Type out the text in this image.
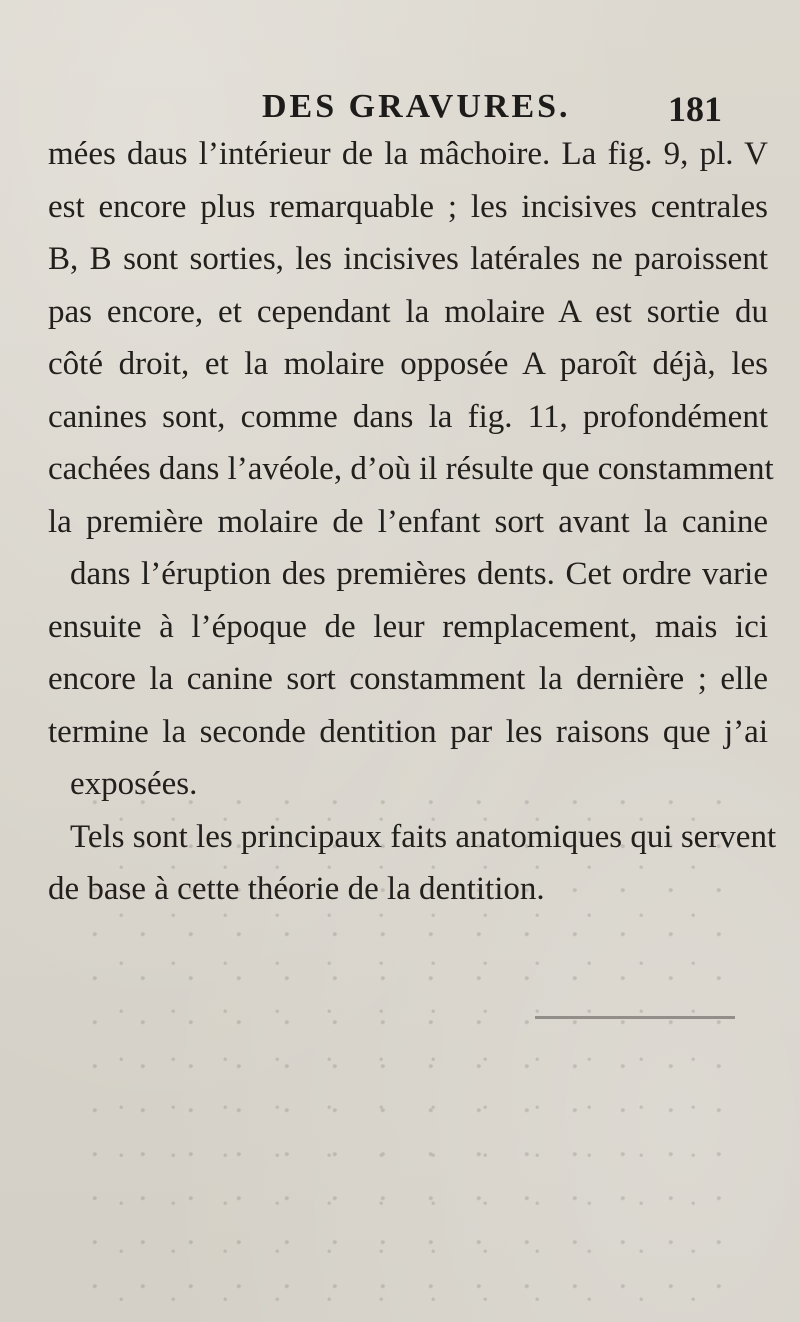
DES GRAVURES.	181
mées daus l’intérieur de la mâchoire. La fig. 9, pl. V
est encore plus remarquable ; les incisives centrales
B, B sont sorties, les incisives latérales ne paroissent
pas encore, et cependant la molaire A est sortie du
côté droit, et la molaire opposée A paroît déjà, les
canines sont, comme dans la fig. 11, profondément
cachées dans l’avéole, d’où il résulte que constamment
la première molaire de l’enfant sort avant la canine
dans l’éruption des premières dents. Cet ordre varie
ensuite à l’époque de leur remplacement, mais ici
encore la canine sort constamment la dernière ; elle
termine la seconde dentition par les raisons que j’ai
exposées.
Tels sont les principaux faits anatomiques qui servent
de base à cette théorie de la dentition.
